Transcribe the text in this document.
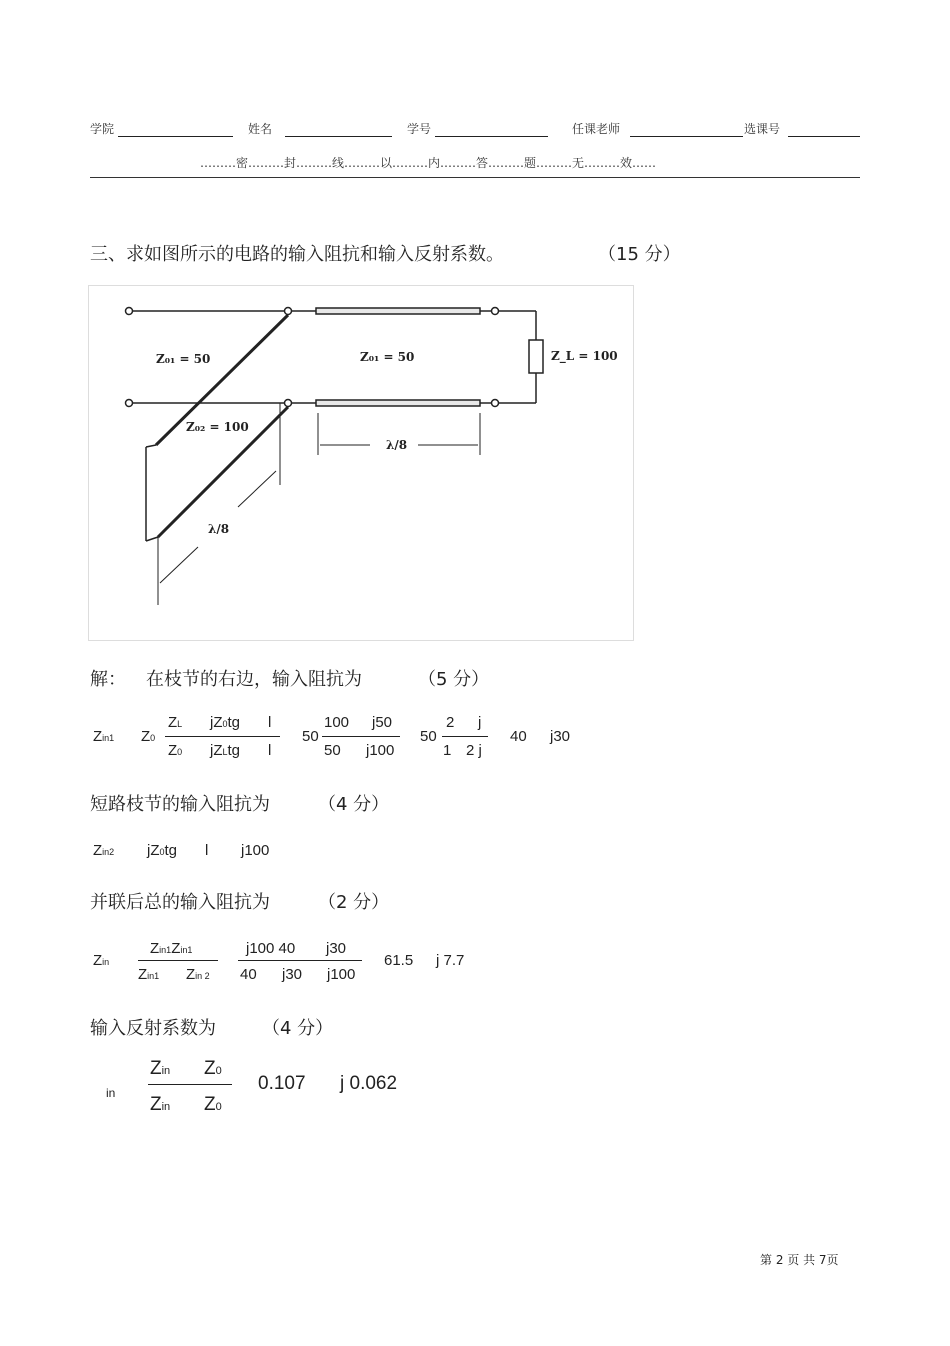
学院	姓名	学号	任课老师	选课号
………密………封………线………以………内………答………题………无………效……
三、求如图所示的电路的输入阻抗和输入反射系数。	（15 分）
Z₀₁ = 50	Z₀₁ = 50
Z₀₂ = 100
Z_L = 100
λ/8
λ/8
解： 在枝节的右边，输入阻抗为	（5 分）
Zin1 Z0
ZL jZ0tg l
Z0 jZLtg l
50
100 j50
50 j100
50
2 j
1 2 j
40 j30
短路枝节的输入阻抗为	（4 分）
Zin2 jZ0tg l j100
并联后总的输入阻抗为	（2 分）
Zin
Zin1Zin1
Zin1 Zin 2
j100 40 j30
40 j30 j100
61.5 j 7.7
输入反射系数为	（4 分）
in
Zin Z0
Zin Z0
0.107 j 0.062
第 2 页 共 7页
